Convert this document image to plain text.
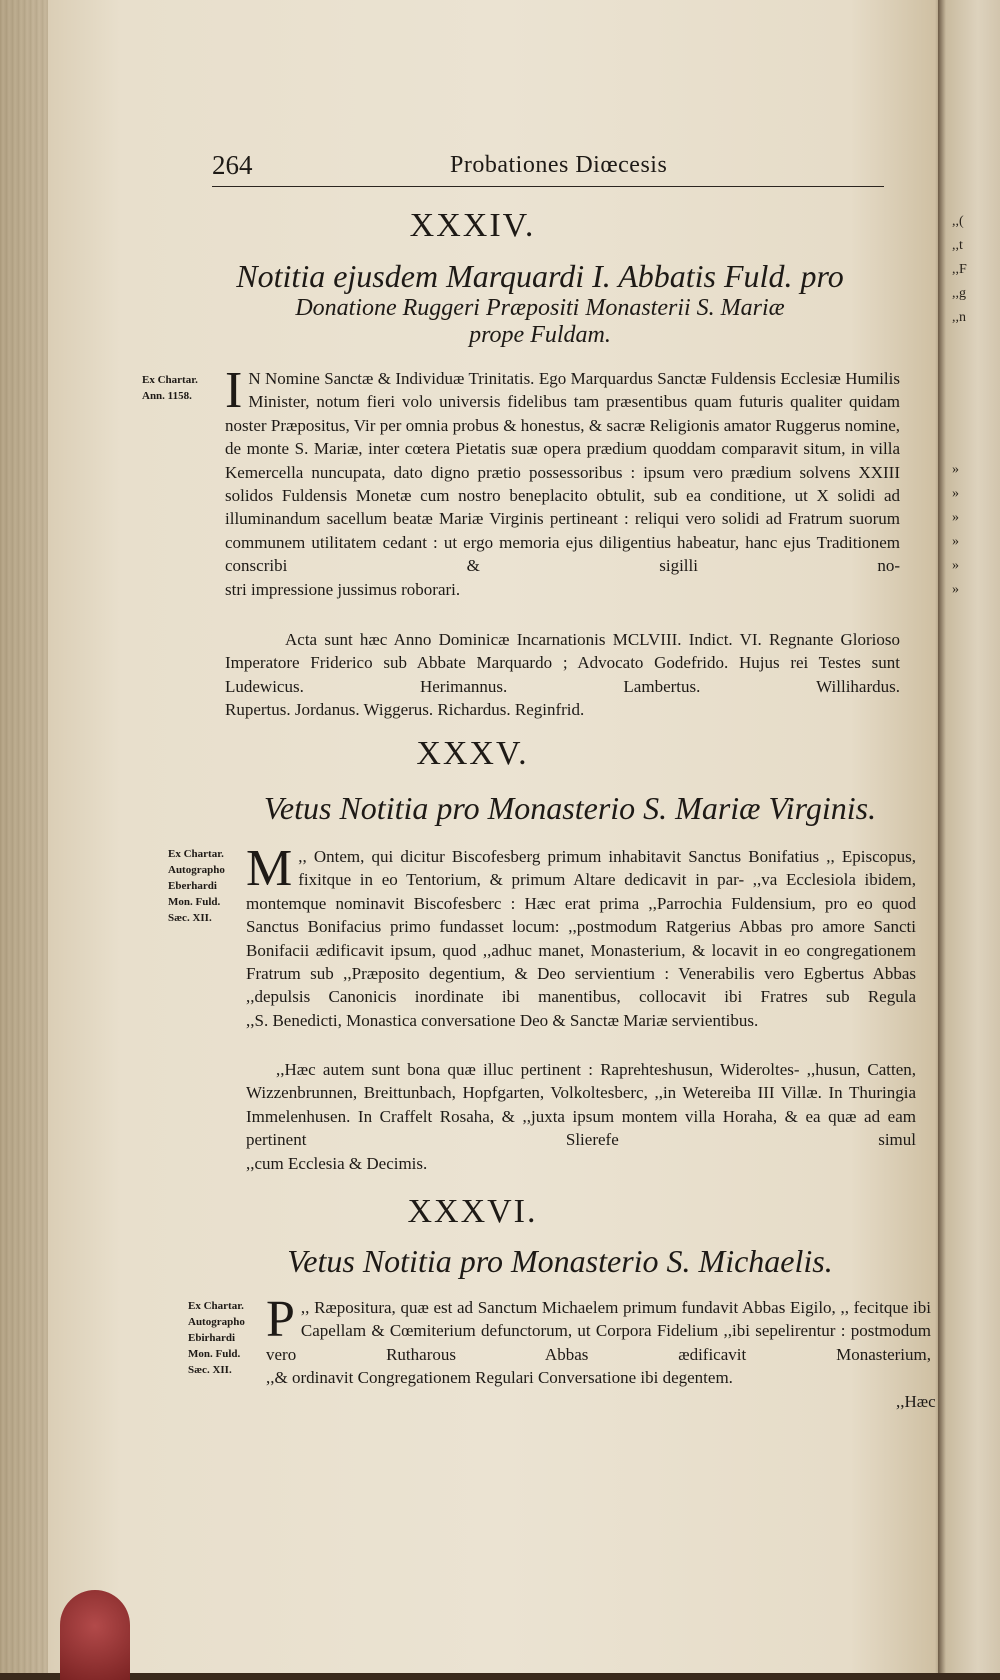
,,(
,,t
,,F
,,g
,,n
»
»
»
»
»
»
264	Probationes Diœcesis
XXXIV.
Notitia ejusdem Marquardi I. Abbatis Fuld. pro
Donatione Ruggeri Præpositi Monasterii S. Mariæ
prope Fuldam.
Ex Chartar.
Ann. 1158. I N Nomine Sanctæ & Individuæ Trinitatis. Ego Marquardus Sanctæ Fuldensis Ecclesiæ Humilis Minister, notum fieri volo universis fidelibus tam præsentibus quam futuris qualiter quidam noster Præpositus, Vir per omnia probus & honestus, & sacræ Religionis amator Ruggerus nomine, de monte S. Mariæ, inter cœtera Pietatis suæ opera prædium quoddam comparavit situm, in villa Kemercella nuncupata, dato digno prætio possessoribus : ipsum vero prædium solvens XXIII solidos Fuldensis Monetæ cum nostro beneplacito obtulit, sub ea conditione, ut X solidi ad illuminandum sacellum beatæ Mariæ Virginis pertineant : reliqui vero solidi ad Fratrum suorum communem utilitatem cedant : ut ergo memoria ejus diligentius habeatur, hanc ejus Traditionem conscribi & sigilli no-
stri impressione jussimus roborari.
Acta sunt hæc Anno Dominicæ Incarnationis MCLVIII. Indict. VI. Regnante Glorioso Imperatore Friderico sub Abbate Marquardo ; Advocato Godefrido. Hujus rei Testes sunt Ludewicus. Herimannus. Lambertus. Willihardus.
Rupertus. Jordanus. Wiggerus. Richardus. Reginfrid.
XXXV.
Vetus Notitia pro Monasterio S. Mariæ Virginis.
Ex Chartar.
Autographo
Eberhardi
Mon. Fuld.
Sæc. XII.
M ,, Ontem, qui dicitur Biscofesberg primum inhabitavit Sanctus Bonifatius ,, Episcopus, fixitque in eo Tentorium, & primum Altare dedicavit in par- ,,va Ecclesiola ibidem, montemque nominavit Biscofesberc : Hæc erat prima ,,Parrochia Fuldensium, pro eo quod Sanctus Bonifacius primo fundasset locum: ,,postmodum Ratgerius Abbas pro amore Sancti Bonifacii ædificavit ipsum, quod ,,adhuc manet, Monasterium, & locavit in eo congregationem Fratrum sub ,,Præposito degentium, & Deo servientium : Venerabilis vero Egbertus Abbas ,,depulsis Canonicis inordinate ibi manentibus, collocavit ibi Fratres sub Regula
,,S. Benedicti, Monastica conversatione Deo & Sanctæ Mariæ servientibus.
,,Hæc autem sunt bona quæ illuc pertinent : Raprehteshusun, Wideroltes- ,,husun, Catten, Wizzenbrunnen, Breittunbach, Hopfgarten, Volkoltesberc, ,,in Wetereiba III Villæ. In Thuringia Immelenhusen. In Craffelt Rosaha, & ,,juxta ipsum montem villa Horaha, & ea quæ ad eam pertinent Slierefe simul
,,cum Ecclesia & Decimis.
XXXVI.
Vetus Notitia pro Monasterio S. Michaelis.
Ex Chartar.
Autographo
Ebirhardi
Mon. Fuld.
Sæc. XII.
P ,, Ræpositura, quæ est ad Sanctum Michaelem primum fundavit Abbas Eigilo, ,, fecitque ibi Capellam & Cœmiterium defunctorum, ut Corpora Fidelium ,,ibi sepelirentur : postmodum vero Rutharous Abbas ædificavit Monasterium,
,,& ordinavit Congregationem Regulari Conversatione ibi degentem.
,,Hæc
